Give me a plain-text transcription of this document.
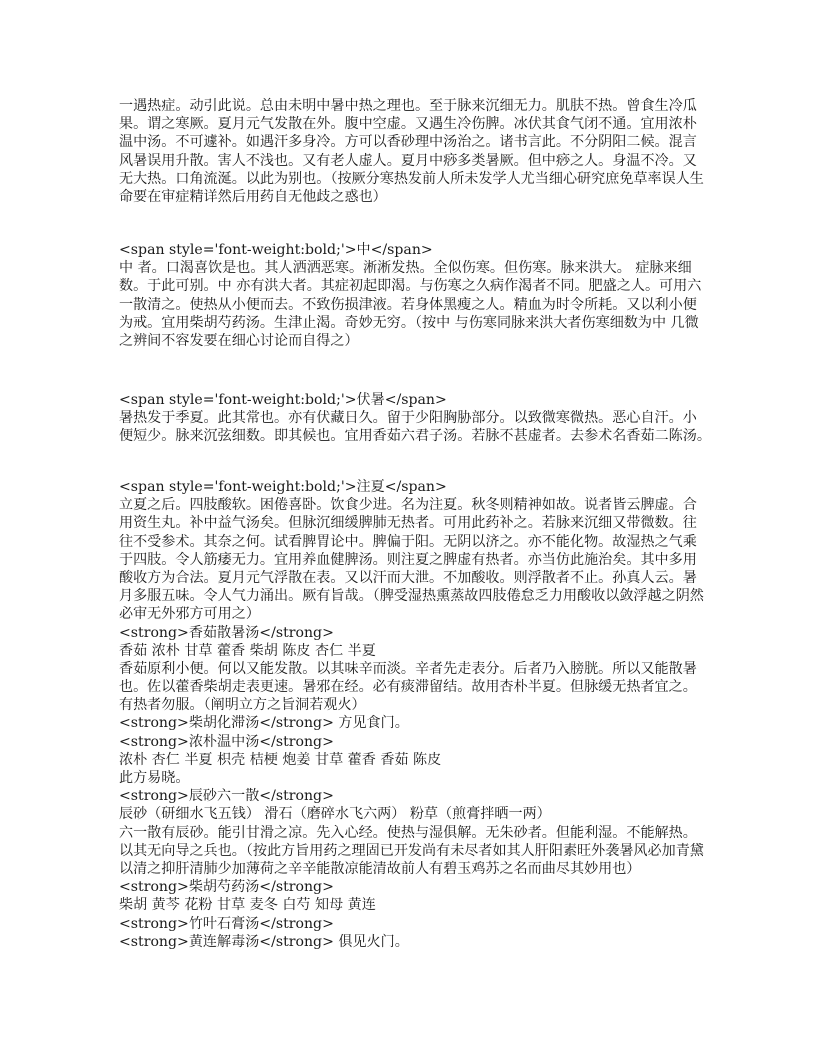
一遇热症。动引此说。总由未明中暑中热之理也。至于脉来沉细无力。肌肤不热。曾食生冷瓜
果。谓之寒厥。夏月元气发散在外。腹中空虚。又遇生冷伤脾。冰伏其食气闭不通。宜用浓朴
温中汤。不可遽补。如遇汗多身冷。方可以香砂理中汤治之。诸书言此。不分阴阳二候。混言
风暑误用升散。害人不浅也。又有老人虚人。夏月中痧多类暑厥。但中痧之人。身温不冷。又
无大热。口角流涎。以此为别也。（按厥分寒热发前人所未发学人尤当细心研究庶免草率误人生
命要在审症精详然后用药自无他歧之惑也）
<span style='font-weight:bold;'>中</span>
中 者。口渴喜饮是也。其人洒洒恶寒。淅淅发热。全似伤寒。但伤寒。脉来洪大。 症脉来细
数。于此可别。中 亦有洪大者。其症初起即渴。与伤寒之久病作渴者不同。肥盛之人。可用六
一散清之。使热从小便而去。不致伤损津液。若身体黑瘦之人。精血为时令所耗。又以利小便
为戒。宜用柴胡芍药汤。生津止渴。奇妙无穷。（按中 与伤寒同脉来洪大者伤寒细数为中 几微
之辨间不容发要在细心讨论而自得之）
<span style='font-weight:bold;'>伏暑</span>
暑热发于季夏。此其常也。亦有伏藏日久。留于少阳胸胁部分。以致微寒微热。恶心自汗。小
便短少。脉来沉弦细数。即其候也。宜用香茹六君子汤。若脉不甚虚者。去参术名香茹二陈汤。
<span style='font-weight:bold;'>注夏</span>
立夏之后。四肢酸软。困倦喜卧。饮食少进。名为注夏。秋冬则精神如故。说者皆云脾虚。合
用资生丸。补中益气汤矣。但脉沉细缓脾肺无热者。可用此药补之。若脉来沉细又带微数。往
往不受参术。其奈之何。试看脾胃论中。脾偏于阳。无阴以济之。亦不能化物。故湿热之气乘
于四肢。令人筋痿无力。宜用养血健脾汤。则注夏之脾虚有热者。亦当仿此施治矣。其中多用
酸收方为合法。夏月元气浮散在表。又以汗而大泄。不加酸收。则浮散者不止。孙真人云。暑
月多服五味。令人气力涌出。厥有旨哉。（脾受湿热熏蒸故四肢倦怠乏力用酸收以敛浮越之阴然
必审无外邪方可用之）
<strong>香茹散暑汤</strong>
香茹 浓朴 甘草 藿香 柴胡 陈皮 杏仁 半夏
香茹原利小便。何以又能发散。以其味辛而淡。辛者先走表分。后者乃入膀胱。所以又能散暑
也。佐以藿香柴胡走表更速。暑邪在经。必有痰滞留结。故用杏朴半夏。但脉缓无热者宜之。
有热者勿服。（阐明立方之旨洞若观火）
<strong>柴胡化滞汤</strong> 方见食门。
<strong>浓朴温中汤</strong>
浓朴 杏仁 半夏 枳壳 桔梗 炮姜 甘草 藿香 香茹 陈皮
此方易晓。
<strong>辰砂六一散</strong>
辰砂（研细水飞五钱） 滑石（磨碎水飞六两） 粉草（煎膏拌晒一两）
六一散有辰砂。能引甘滑之凉。先入心经。使热与湿俱解。无朱砂者。但能利湿。不能解热。
以其无向导之兵也。（按此方旨用药之理固已开发尚有未尽者如其人肝阳素旺外袭暑风必加青黛
以清之抑肝清肺少加薄荷之辛辛能散凉能清故前人有碧玉鸡苏之名而曲尽其妙用也）
<strong>柴胡芍药汤</strong>
柴胡 黄芩 花粉 甘草 麦冬 白芍 知母 黄连
<strong>竹叶石膏汤</strong>
<strong>黄连解毒汤</strong> 俱见火门。
